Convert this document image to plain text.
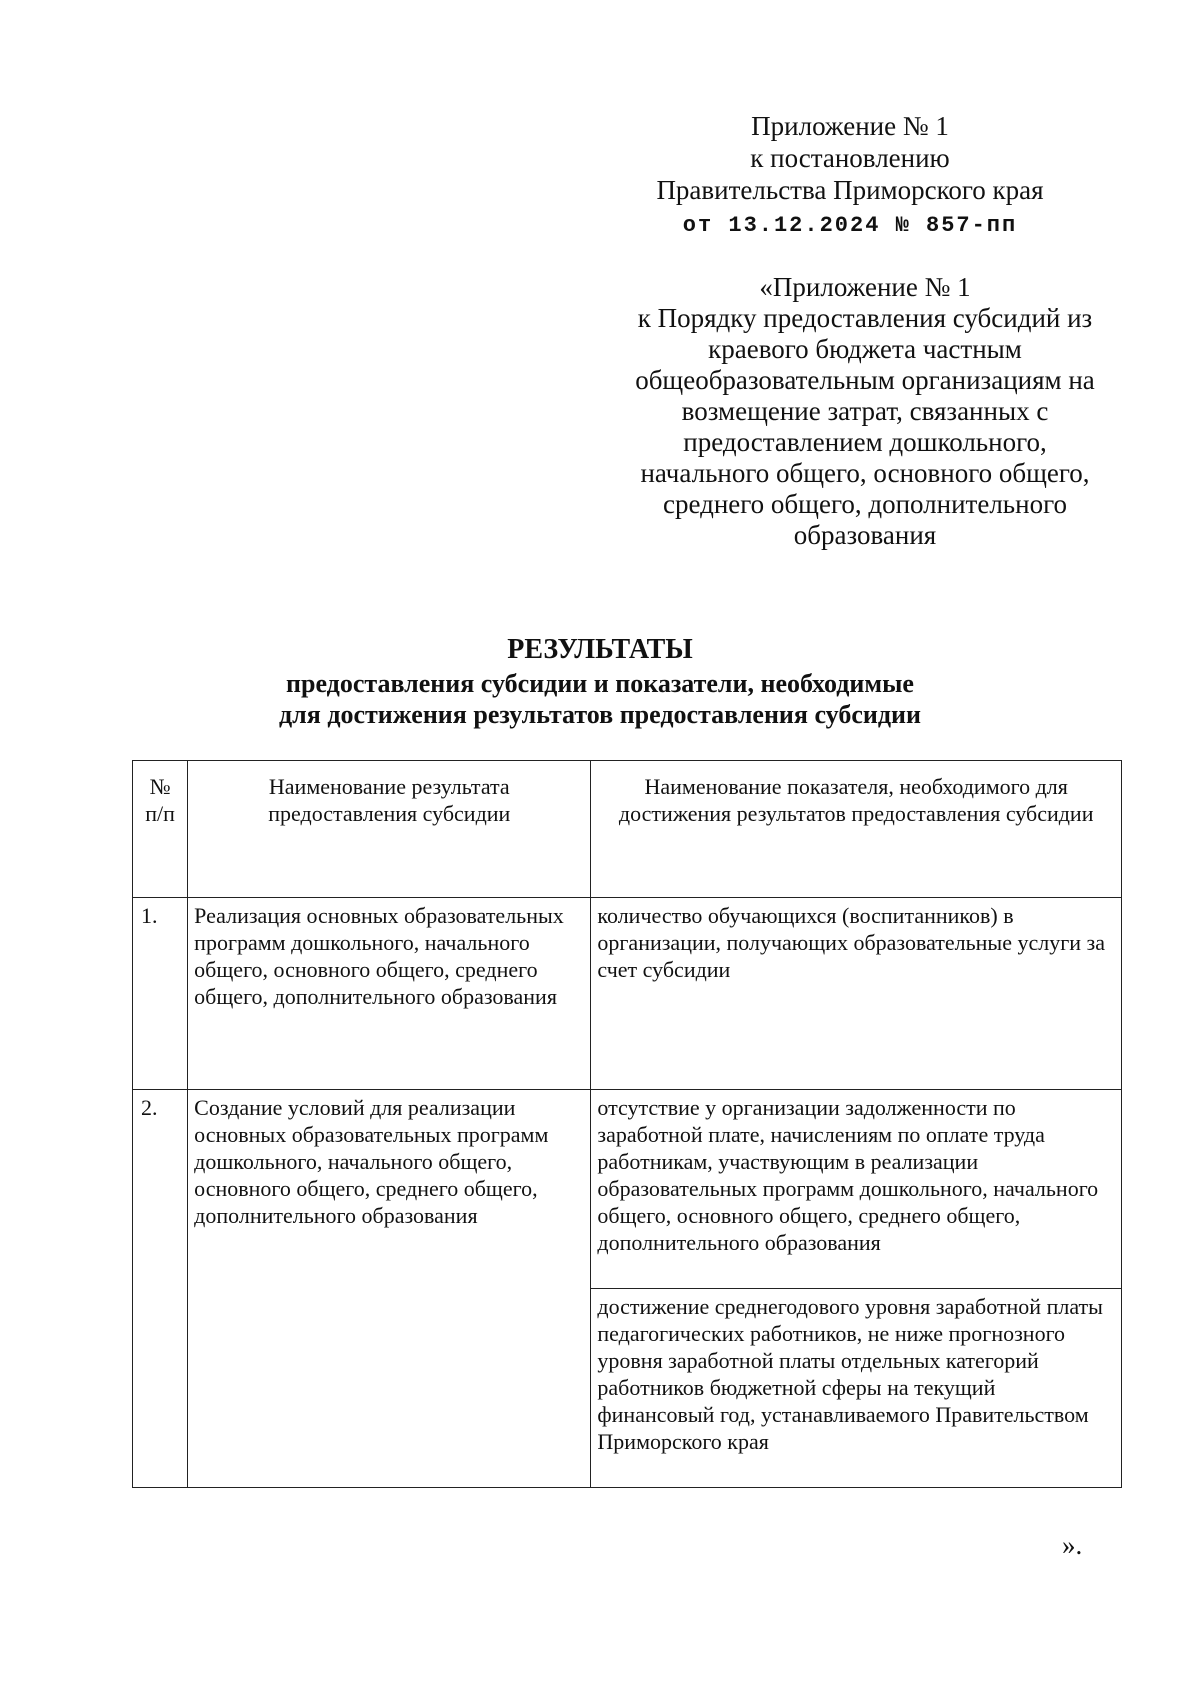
Приложение № 1
к постановлению
Правительства Приморского края
от 13.12.2024 № 857-пп
«Приложение № 1
к Порядку предоставления субсидий из
краевого бюджета частным
общеобразовательным организациям на
возмещение затрат, связанных с
предоставлением дошкольного,
начального общего, основного общего,
среднего общего, дополнительного
образования
РЕЗУЛЬТАТЫ
предоставления субсидии и показатели, необходимые
для достижения результатов предоставления субсидии
№ п/п	Наименование результата предоставления субсидии	Наименование показателя, необходимого для достижения результатов предоставления субсидии
1.	Реализация основных образовательных программ дошкольного, начального общего, основного общего, среднего общего, дополнительного образования	количество обучающихся (воспитанников) в организации, получающих образовательные услуги за счет субсидии
2.	Создание условий для реализации основных образовательных программ дошкольного, начального общего, основного общего, среднего общего, дополнительного образования	отсутствие у организации задолженности по заработной плате, начислениям по оплате труда работникам, участвующим в реализации образовательных программ дошкольного, начального общего, основного общего, среднего общего, дополнительного образования
		достижение среднегодового уровня заработной платы педагогических работников, не ниже прогнозного уровня заработной платы отдельных категорий работников бюджетной сферы на текущий финансовый год, устанавливаемого Правительством Приморского края
».
